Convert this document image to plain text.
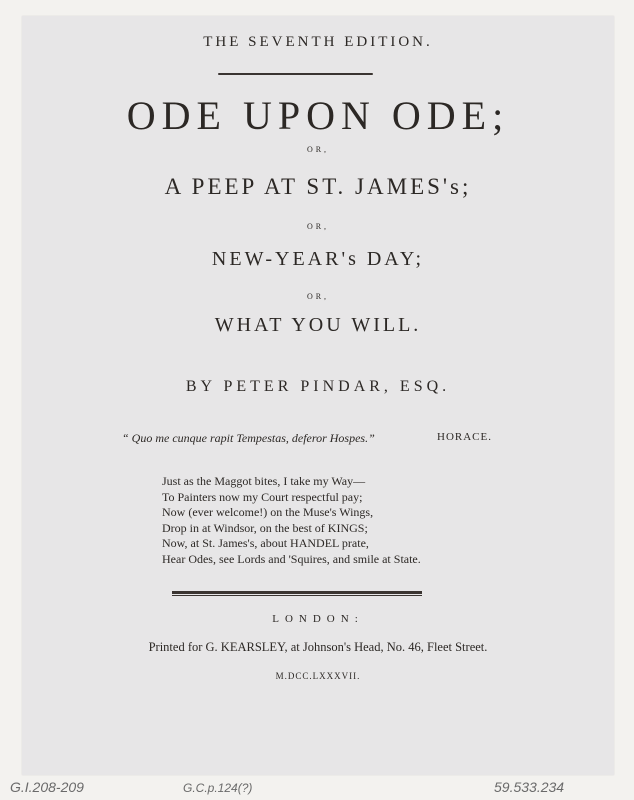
THE SEVENTH EDITION.
ODE UPON ODE;
OR,
A PEEP AT ST. JAMES's;
OR,
NEW-YEAR's DAY;
OR,
WHAT YOU WILL.
BY PETER PINDAR, ESQ.
“ Quo me cunque rapit Tempestas, deferor Hospes.”	HORACE.
Just as the Maggot bites, I take my Way—
To Painters now my Court respectful pay;
Now (ever welcome!) on the Muse's Wings,
Drop in at Windsor, on the best of KINGS;
Now, at St. James's, about HANDEL prate,
Hear Odes, see Lords and 'Squires, and smile at State.
LONDON:
Printed for G. KEARSLEY, at Johnson's Head, No. 46, Fleet Street.
M.DCC.LXXXVII.
G.I.208-209	G.C.p.124(?)	59.533.234
